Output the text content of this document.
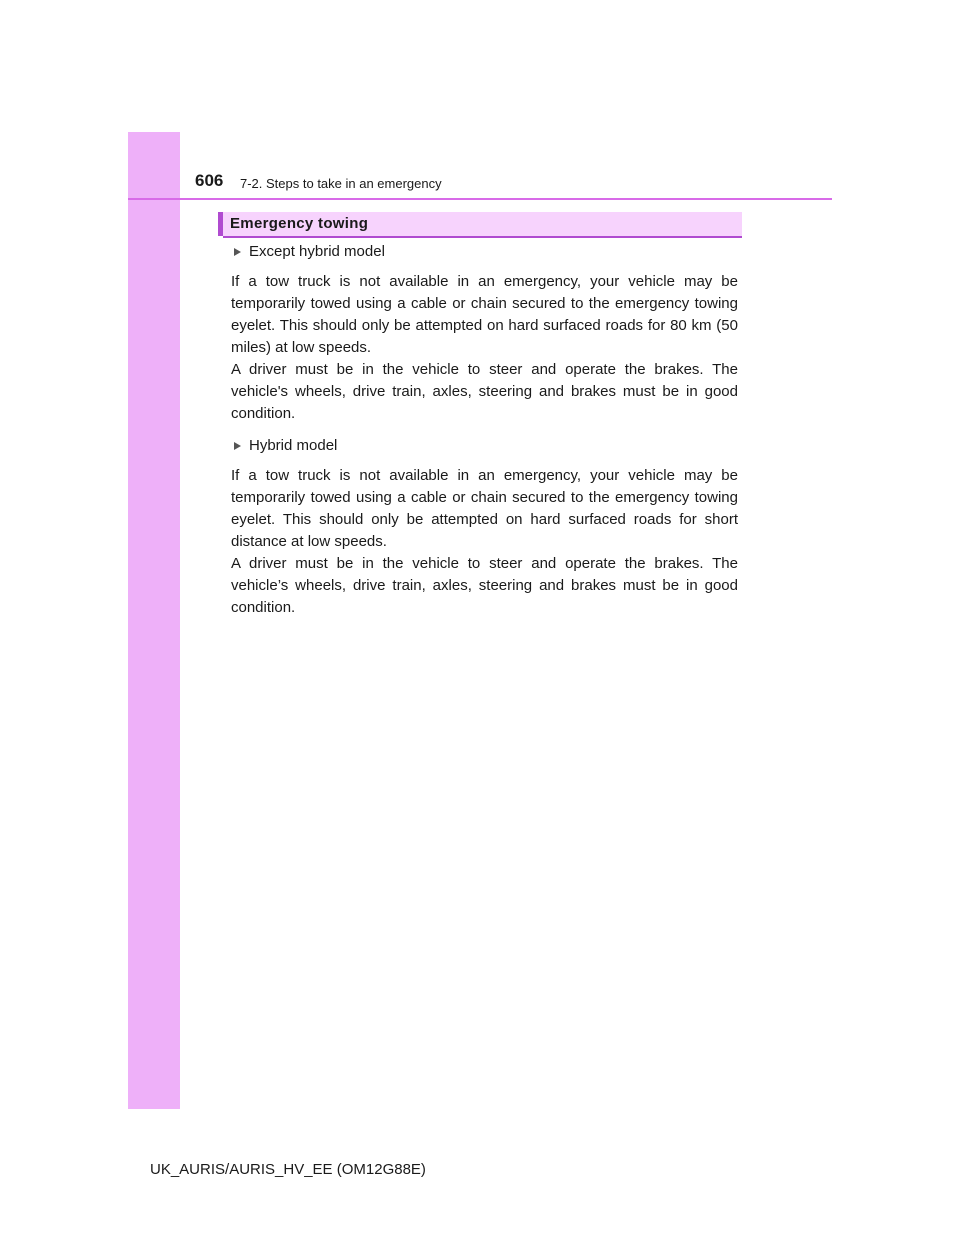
606 7-2. Steps to take in an emergency
Emergency towing
Except hybrid model

If a tow truck is not available in an emergency, your vehicle may be temporarily towed using a cable or chain secured to the emergency towing eyelet. This should only be attempted on hard surfaced roads for 80 km (50 miles) at low speeds.

A driver must be in the vehicle to steer and operate the brakes. The vehicle's wheels, drive train, axles, steering and brakes must be in good condition.

Hybrid model

If a tow truck is not available in an emergency, your vehicle may be temporarily towed using a cable or chain secured to the emergency towing eyelet. This should only be attempted on hard surfaced roads for short distance at low speeds.

A driver must be in the vehicle to steer and operate the brakes. The vehicle’s wheels, drive train, axles, steering and brakes must be in good condition.

UK_AURIS/AURIS_HV_EE (OM12G88E)
